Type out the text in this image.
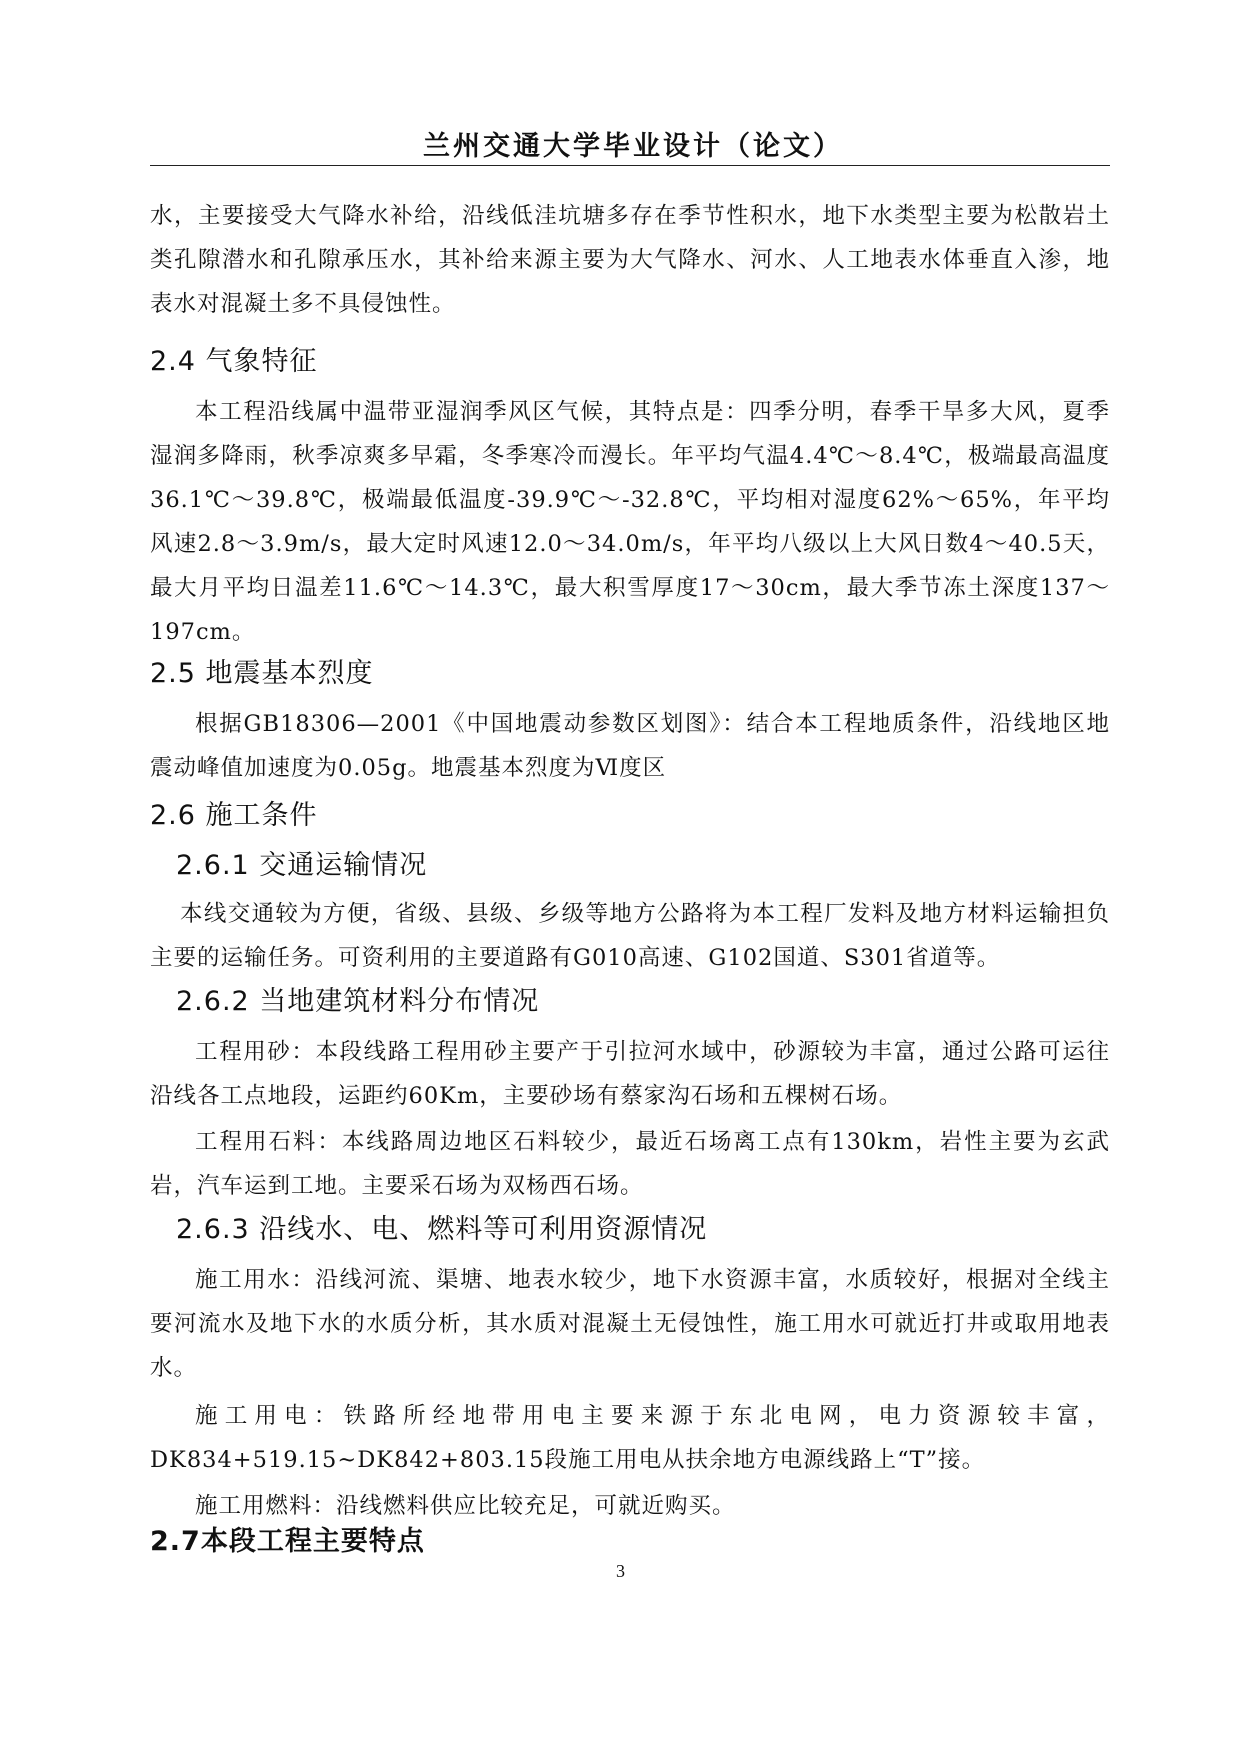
兰州交通大学毕业设计（论文）
水，主要接受大气降水补给，沿线低洼坑塘多存在季节性积水，地下水类型主要为松散岩土类孔隙潜水和孔隙承压水，其补给来源主要为大气降水、河水、人工地表水体垂直入渗，地表水对混凝土多不具侵蚀性。
2.4 气象特征
本工程沿线属中温带亚湿润季风区气候，其特点是：四季分明，春季干旱多大风，夏季湿润多降雨，秋季凉爽多早霜，冬季寒冷而漫长。年平均气温4.4℃～8.4℃，极端最高温度36.1℃～39.8℃，极端最低温度-39.9℃～-32.8℃，平均相对湿度62%～65%，年平均风速2.8～3.9m/s，最大定时风速12.0～34.0m/s，年平均八级以上大风日数4～40.5天，最大月平均日温差11.6℃～14.3℃，最大积雪厚度17～30cm，最大季节冻土深度137～197cm。
2.5 地震基本烈度
根据GB18306—2001《中国地震动参数区划图》：结合本工程地质条件，沿线地区地震动峰值加速度为0.05g。地震基本烈度为Ⅵ度区
2.6 施工条件
2.6.1 交通运输情况
本线交通较为方便，省级、县级、乡级等地方公路将为本工程厂发料及地方材料运输担负主要的运输任务。可资利用的主要道路有G010高速、G102国道、S301省道等。
2.6.2 当地建筑材料分布情况
工程用砂：本段线路工程用砂主要产于引拉河水域中，砂源较为丰富，通过公路可运往沿线各工点地段，运距约60Km，主要砂场有蔡家沟石场和五棵树石场。
工程用石料：本线路周边地区石料较少，最近石场离工点有130km，岩性主要为玄武岩，汽车运到工地。主要采石场为双杨西石场。
2.6.3 沿线水、电、燃料等可利用资源情况
施工用水：沿线河流、渠塘、地表水较少，地下水资源丰富，水质较好，根据对全线主要河流水及地下水的水质分析，其水质对混凝土无侵蚀性，施工用水可就近打井或取用地表水。
施工用电：铁路所经地带用电主要来源于东北电网，电力资源较丰富，DK834+519.15~DK842+803.15段施工用电从扶余地方电源线路上“T”接。
施工用燃料：沿线燃料供应比较充足，可就近购买。
2.7本段工程主要特点
3
